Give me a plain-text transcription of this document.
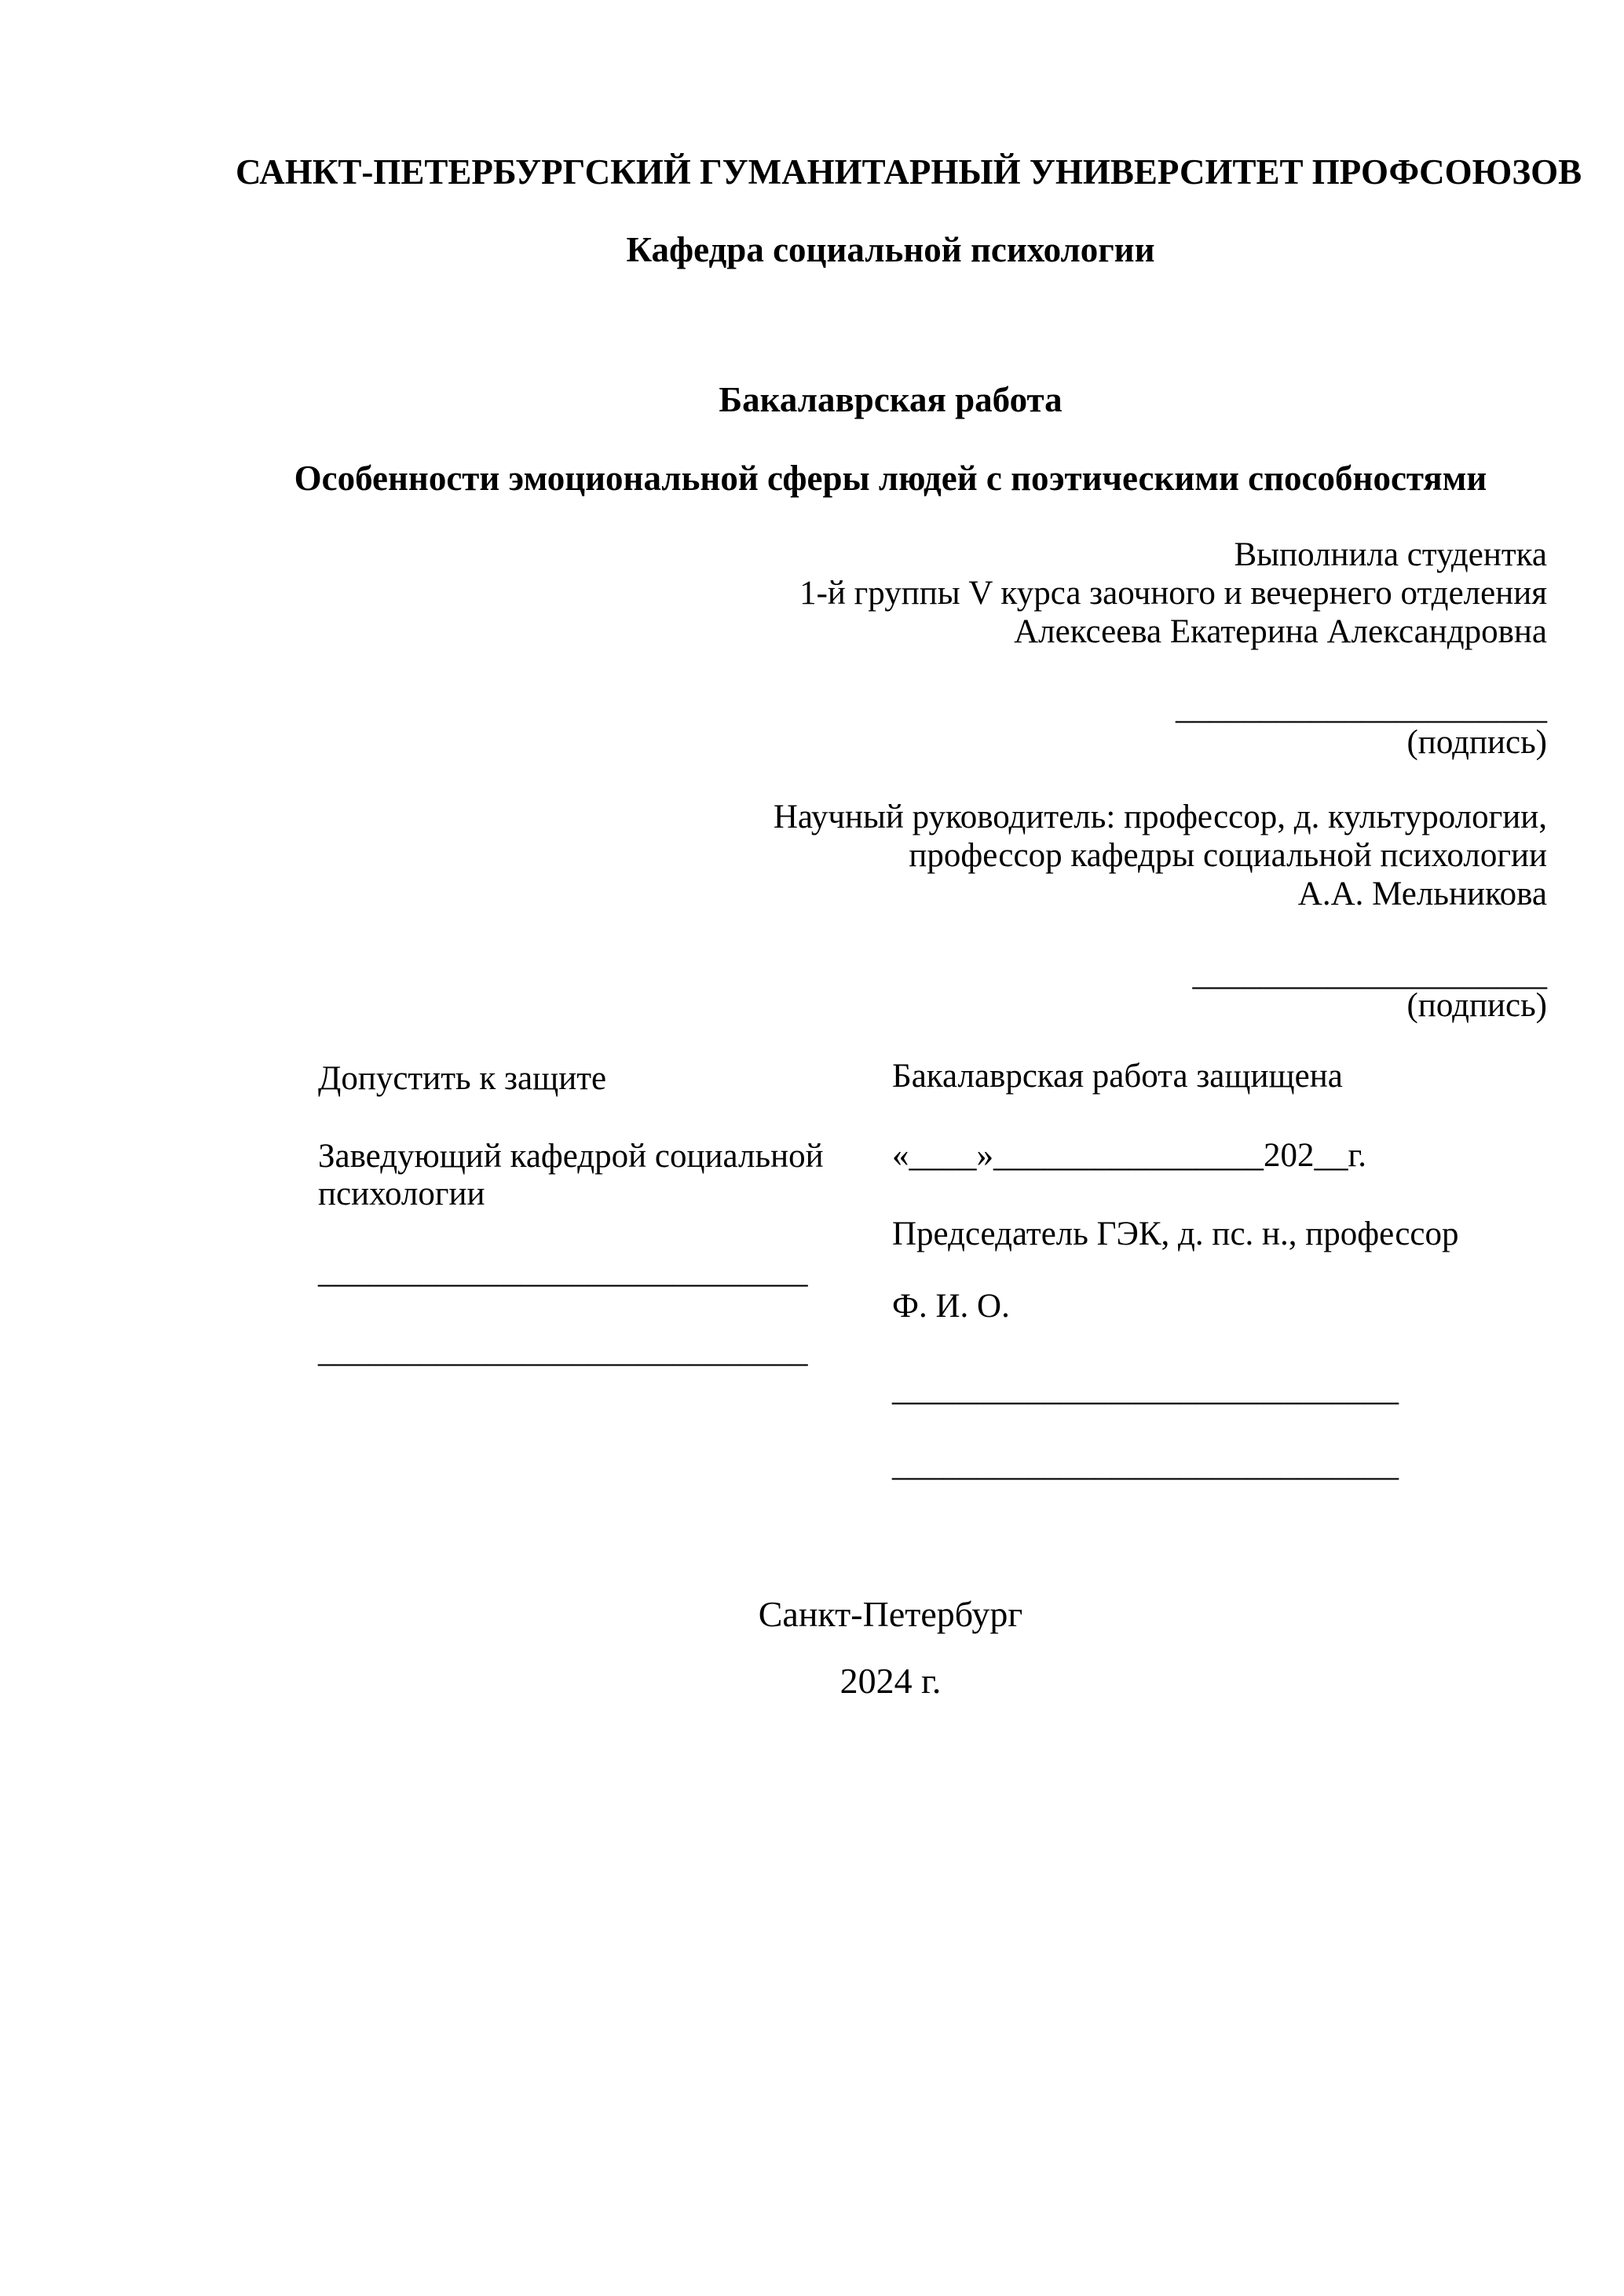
САНКТ-ПЕТЕРБУРГСКИЙ ГУМАНИТАРНЫЙ УНИВЕРСИТЕТ ПРОФСОЮЗОВ
Кафедра социальной психологии
Бакалаврская работа
Особенности эмоциональной сферы людей с поэтическими способностями
Выполнила студентка
1-й группы V курса заочного и вечернего отделения
Алексеева Екатерина Александровна
______________________
(подпись)
Научный руководитель: профессор, д. культурологии,
профессор кафедры социальной психологии
А.А. Мельникова
_____________________
(подпись)
Допустить к защите
Заведующий кафедрой социальной психологии
_____________________________
_____________________________
Бакалаврская работа защищена
«____»________________202__г.
Председатель ГЭК, д. пс. н., профессор
Ф. И. О.
______________________________
______________________________
Санкт-Петербург
2024 г.
